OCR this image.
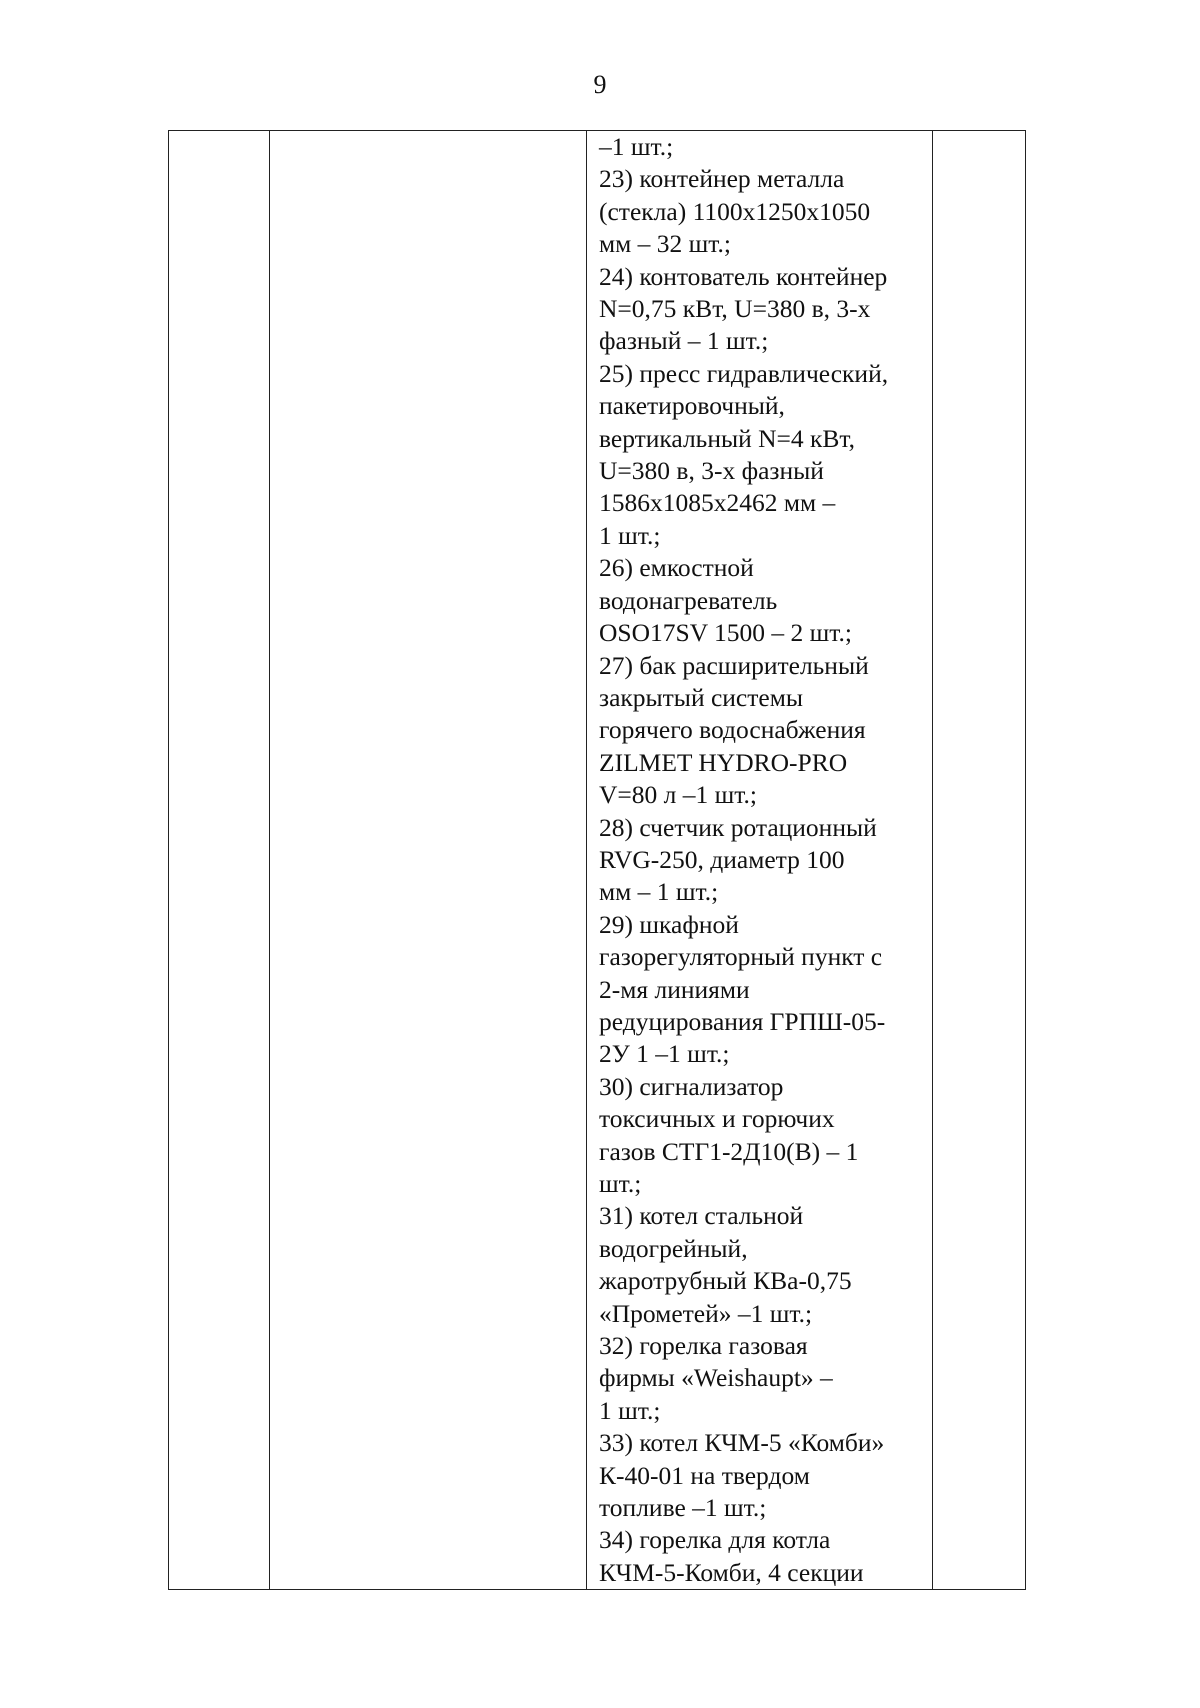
9

–1 шт.;
23) контейнер металла
(стекла) 1100х1250х1050
мм – 32 шт.;
24) контователь контейнер
N=0,75 кВт, U=380 в, 3-х
фазный – 1 шт.;
25) пресс гидравлический,
пакетировочный,
вертикальный N=4 кВт,
U=380 в, 3-х фазный
1586х1085х2462 мм –
1 шт.;
26) емкостной
водонагреватель
OSO17SV 1500 – 2 шт.;
27) бак расширительный
закрытый системы
горячего водоснабжения
ZILMET HYDRO-PRO
V=80 л –1 шт.;
28) счетчик ротационный
RVG-250, диаметр 100
мм – 1 шт.;
29) шкафной
газорегуляторный пункт с
2-мя линиями
редуцирования ГРПШ-05-
2У 1 –1 шт.;
30) сигнализатор
токсичных и горючих
газов СТГ1-2Д10(В) – 1
шт.;
31) котел стальной
водогрейный,
жаротрубный КВа-0,75
«Прометей» –1 шт.;
32) горелка газовая
фирмы «Weishaupt» –
1 шт.;
33) котел КЧМ-5 «Комби»
К-40-01 на твердом
топливе –1 шт.;
34) горелка для котла
КЧМ-5-Комби, 4 секции
